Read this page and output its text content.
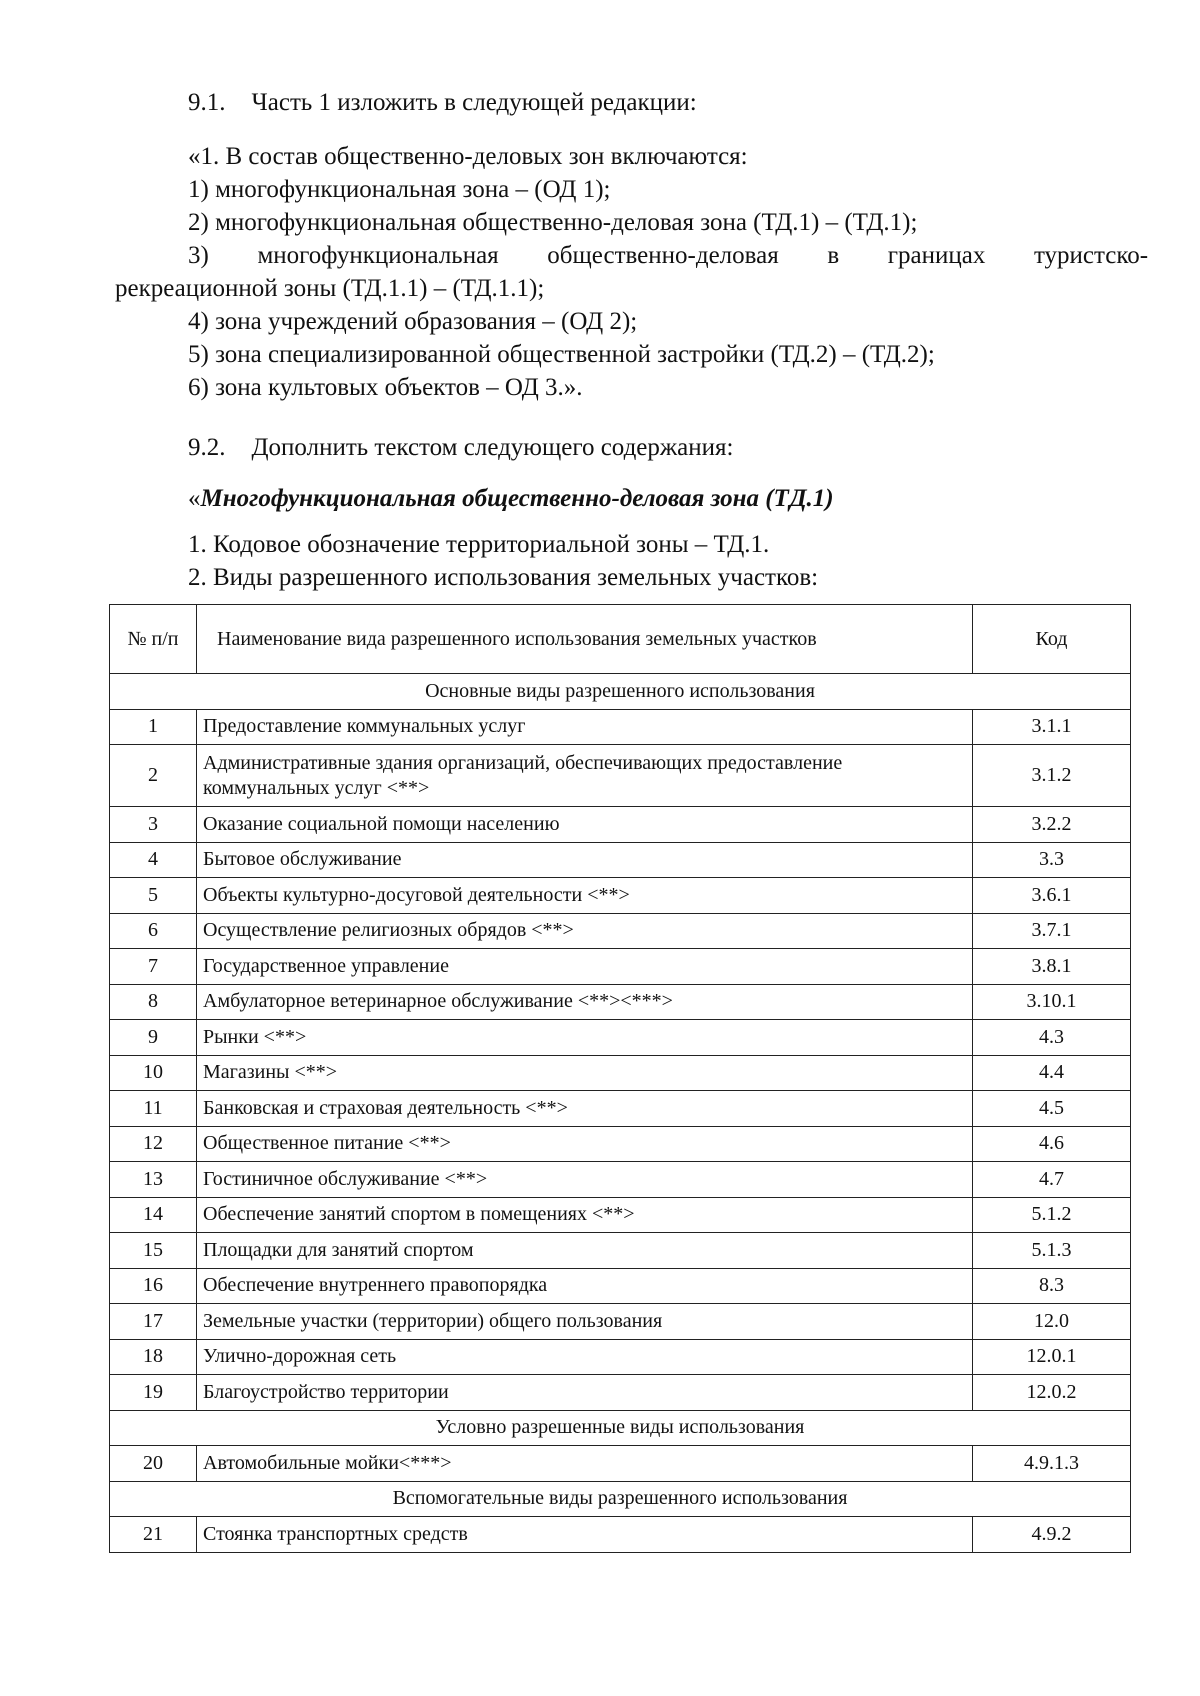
9.1. Часть 1 изложить в следующей редакции:
«1. В состав общественно-деловых зон включаются:
1) многофункциональная зона – (ОД 1);
2) многофункциональная общественно-деловая зона (ТД.1) – (ТД.1);
3) многофункциональная общественно-деловая в границах туристско-
рекреационной зоны (ТД.1.1) – (ТД.1.1);
4) зона учреждений образования – (ОД 2);
5) зона специализированной общественной застройки (ТД.2) – (ТД.2);
6) зона культовых объектов – ОД 3.».
9.2. Дополнить текстом следующего содержания:
«Многофункциональная общественно-деловая зона (ТД.1)
1. Кодовое обозначение территориальной зоны – ТД.1.
2. Виды разрешенного использования земельных участков:
№ п/п	Наименование вида разрешенного использования земельных участков	Код
Основные виды разрешенного использования		
1	Предоставление коммунальных услуг	3.1.1
2	Административные здания организаций, обеспечивающих предоставление коммунальных услуг <**>	3.1.2
3	Оказание социальной помощи населению	3.2.2
4	Бытовое обслуживание	3.3
5	Объекты культурно-досуговой деятельности <**>	3.6.1
6	Осуществление религиозных обрядов <**>	3.7.1
7	Государственное управление	3.8.1
8	Амбулаторное ветеринарное обслуживание <**><***>	3.10.1
9	Рынки <**>	4.3
10	Магазины <**>	4.4
11	Банковская и страховая деятельность <**>	4.5
12	Общественное питание <**>	4.6
13	Гостиничное обслуживание <**>	4.7
14	Обеспечение занятий спортом в помещениях <**>	5.1.2
15	Площадки для занятий спортом	5.1.3
16	Обеспечение внутреннего правопорядка	8.3
17	Земельные участки (территории) общего пользования	12.0
18	Улично-дорожная сеть	12.0.1
19	Благоустройство территории	12.0.2
Условно разрешенные виды использования		
20	Автомобильные мойки<***>	4.9.1.3
Вспомогательные виды разрешенного использования		
21	Стоянка транспортных средств	4.9.2
